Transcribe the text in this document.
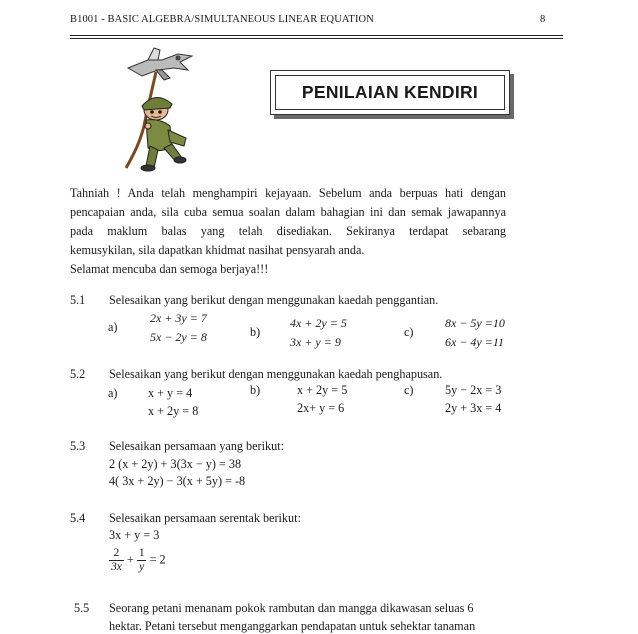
B1001 - BASIC ALGEBRA/SIMULTANEOUS LINEAR EQUATION	8
PENILAIAN KENDIRI
Tahniah ! Anda telah menghampiri kejayaan. Sebelum anda berpuas hati dengan
pencapaian anda, sila cuba semua soalan dalam bahagian ini dan semak jawapannya
pada maklum balas yang telah disediakan. Sekiranya terdapat sebarang
kemusykilan, sila dapatkan khidmat nasihat pensyarah anda.
Selamat mencuba dan semoga berjaya!!!
5.1 Selesaikan yang berikut dengan menggunakan kaedah penggantian.
a)
2x + 3y = 7
5x − 2y = 8	b)
4x + 2y = 5
3x + y = 9
c)
8x − 5y =10
6x − 4y =11
5.2 Selesaikan yang berikut dengan menggunakan kaedah penghapusan.
a)	x + y = 4
x + 2y = 8
b)	x + 2y = 5
2x+ y = 6
c)	5y − 2x = 3
2y + 3x = 4
5.3 Selesaikan persamaan yang berikut:
2 (x + 2y) + 3(3x − y) = 38
4( 3x + 2y) − 3(x + 5y) = -8
5.4 Selesaikan persamaan serentak berikut:
3x + y = 3
$\frac{2}{3x} + \frac{1}{y} = 2$
5.5 Seorang petani menanam pokok rambutan dan mangga dikawasan seluas 6
hektar. Petani tersebut menganggarkan pendapatan untuk sehektar tanaman
